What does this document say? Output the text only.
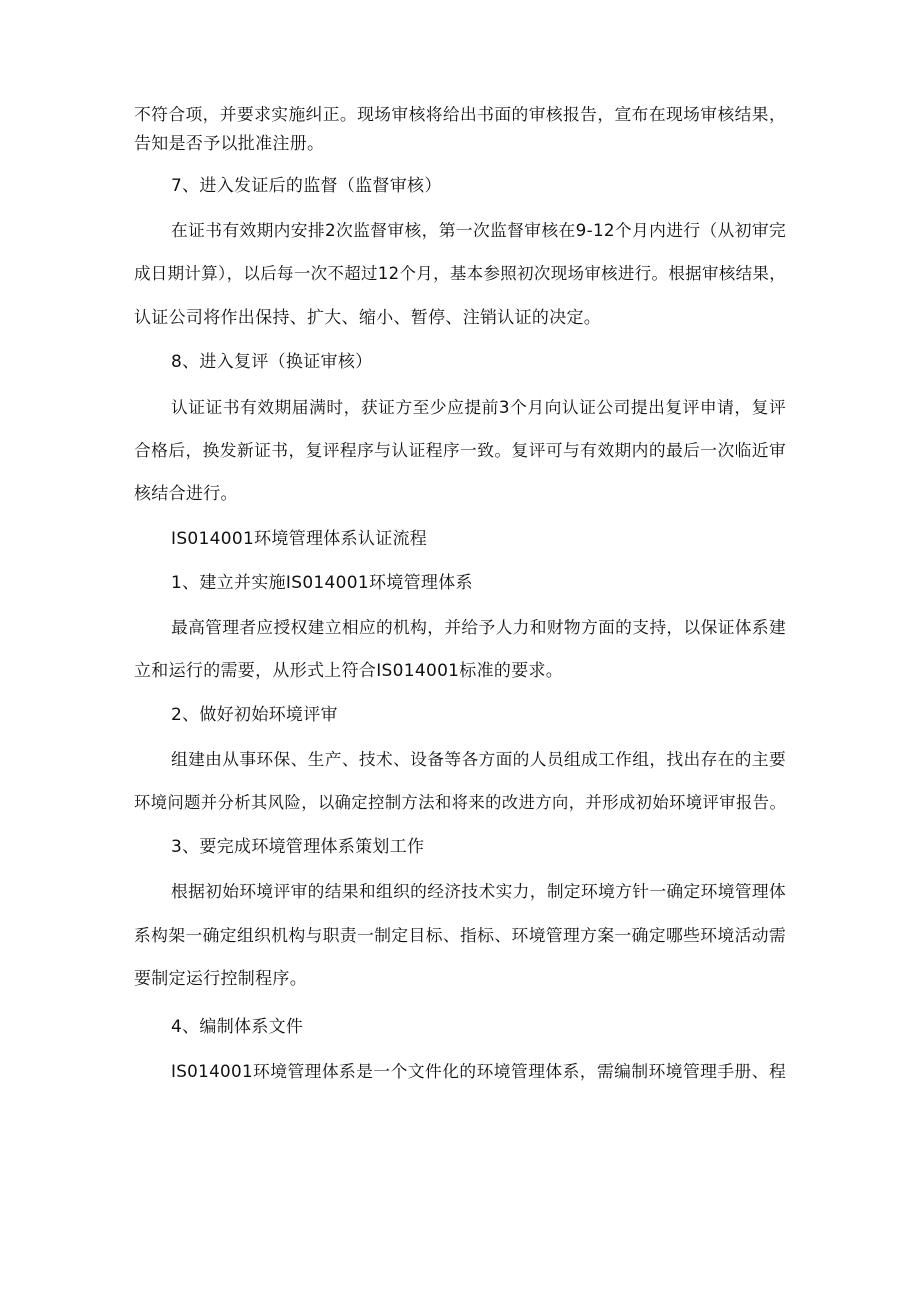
不符合项，并要求实施纠正。现场审核将给出书面的审核报告，宣布在现场审核结果，
告知是否予以批准注册。
7、进入发证后的监督（监督审核）
在证书有效期内安排2次监督审核，第一次监督审核在9-12个月内进行（从初审完
成日期计算），以后每一次不超过12个月，基本参照初次现场审核进行。根据审核结果，
认证公司将作出保持、扩大、缩小、暂停、注销认证的决定。
8、进入复评（换证审核）
认证证书有效期届满时，获证方至少应提前3个月向认证公司提出复评申请，复评
合格后，换发新证书，复评程序与认证程序一致。复评可与有效期内的最后一次临近审
核结合进行。
IS014001环境管理体系认证流程
1、建立并实施IS014001环境管理体系
最高管理者应授权建立相应的机构，并给予人力和财物方面的支持，以保证体系建
立和运行的需要，从形式上符合IS014001标准的要求。
2、做好初始环境评审
组建由从事环保、生产、技术、设备等各方面的人员组成工作组，找出存在的主要
环境问题并分析其风险，以确定控制方法和将来的改进方向，并形成初始环境评审报告。
3、要完成环境管理体系策划工作
根据初始环境评审的结果和组织的经济技术实力，制定环境方针一确定环境管理体
系构架一确定组织机构与职责一制定目标、指标、环境管理方案一确定哪些环境活动需
要制定运行控制程序。
4、编制体系文件
IS014001环境管理体系是一个文件化的环境管理体系，需编制环境管理手册、程
